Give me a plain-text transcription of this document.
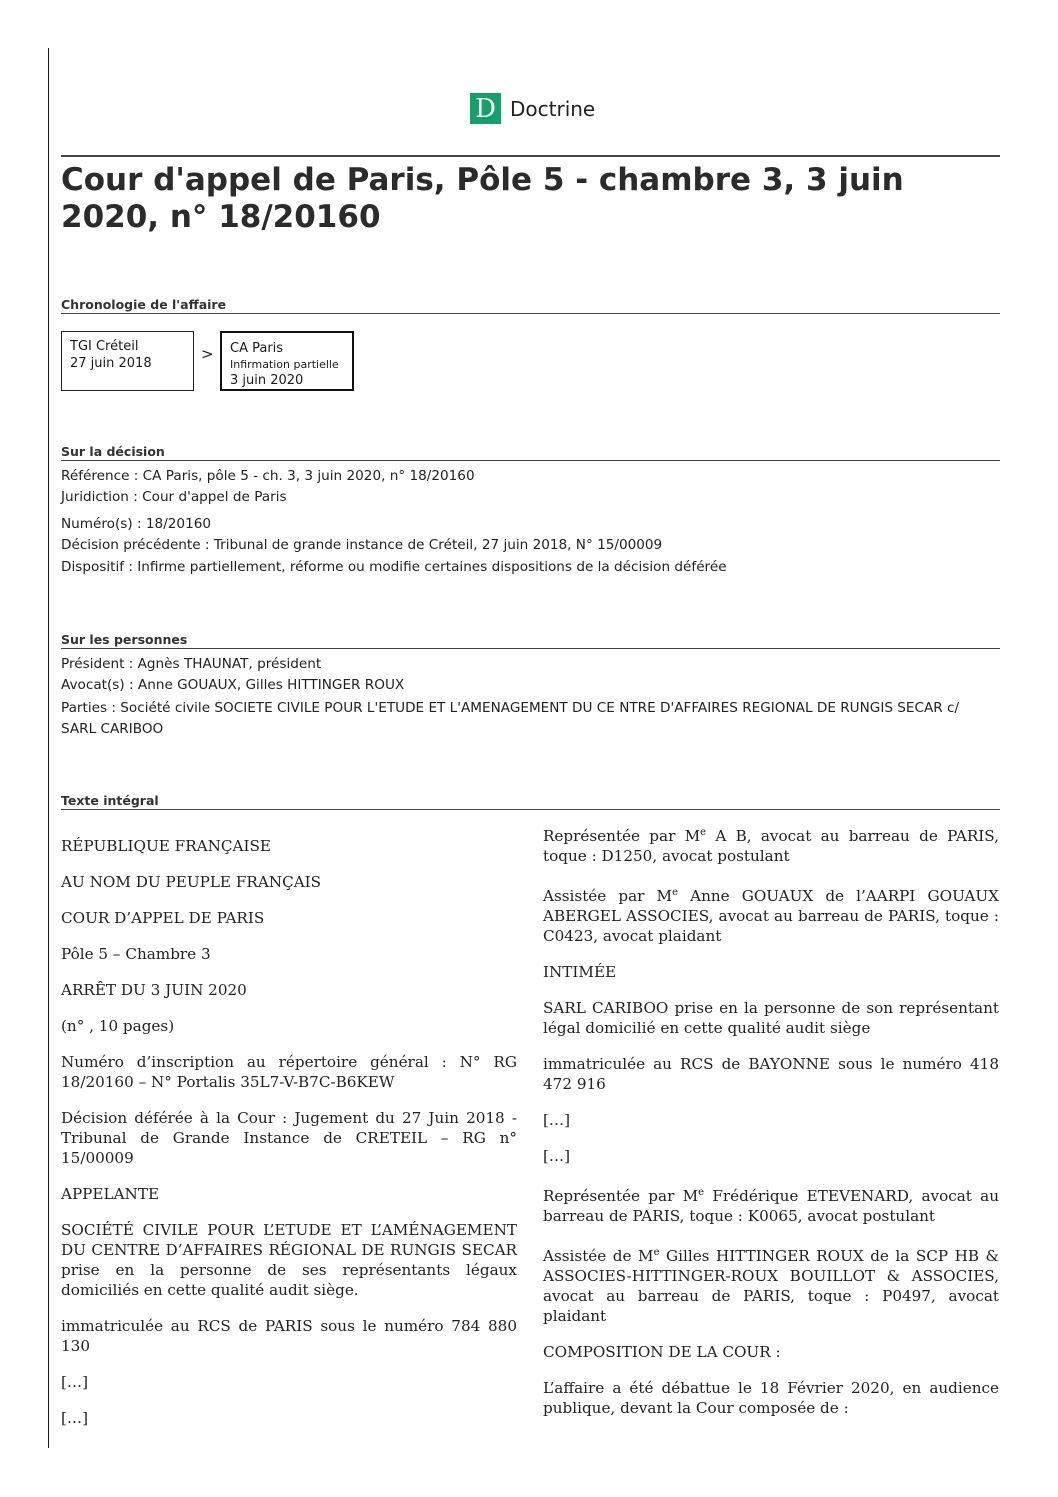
D Doctrine
Cour d'appel de Paris, Pôle 5 - chambre 3, 3 juin 2020, n° 18/20160
Chronologie de l'affaire
TGI Créteil
27 juin 2018
> CA Paris
Infirmation partielle
3 juin 2020
Sur la décision
Référence : CA Paris, pôle 5 - ch. 3, 3 juin 2020, n° 18/20160
Juridiction : Cour d'appel de Paris
Numéro(s) : 18/20160
Décision précédente : Tribunal de grande instance de Créteil, 27 juin 2018, N° 15/00009
Dispositif : Infirme partiellement, réforme ou modifie certaines dispositions de la décision déférée
Sur les personnes
Président : Agnès THAUNAT, président
Avocat(s) : Anne GOUAUX, Gilles HITTINGER ROUX
Parties : Société civile SOCIETE CIVILE POUR L'ETUDE ET L'AMENAGEMENT DU CE NTRE D'AFFAIRES REGIONAL DE RUNGIS SECAR c/ SARL CARIBOO
Texte intégral

RÉPUBLIQUE FRANÇAISE

AU NOM DU PEUPLE FRANÇAIS

COUR D’APPEL DE PARIS

Pôle 5 – Chambre 3

ARRÊT DU 3 JUIN 2020

(n° , 10 pages)

Numéro d’inscription au répertoire général : N° RG 18/20160 – N° Portalis 35L7-V-B7C-B6KEW

Décision déférée à la Cour : Jugement du 27 Juin 2018 -Tribunal de Grande Instance de CRETEIL – RG n° 15/00009

APPELANTE

SOCIÉTÉ CIVILE POUR L’ETUDE ET L’AMÉNAGEMENT DU CENTRE D’AFFAIRES RÉGIONAL DE RUNGIS SECAR prise en la personne de ses représentants légaux domiciliés en cette qualité audit siège.

immatriculée au RCS de PARIS sous le numéro 784 880 130

[…]

[…]

Représentée par Me A B, avocat au barreau de PARIS, toque : D1250, avocat postulant

Assistée par Me Anne GOUAUX de l’AARPI GOUAUX ABERGEL ASSOCIES, avocat au barreau de PARIS, toque : C0423, avocat plaidant

INTIMÉE

SARL CARIBOO prise en la personne de son représentant légal domicilié en cette qualité audit siège

immatriculée au RCS de BAYONNE sous le numéro 418 472 916

[…]

[…]

Représentée par Me Frédérique ETEVENARD, avocat au barreau de PARIS, toque : K0065, avocat postulant

Assistée de Me Gilles HITTINGER ROUX de la SCP HB & ASSOCIES-HITTINGER-ROUX BOUILLOT & ASSOCIES, avocat au barreau de PARIS, toque : P0497, avocat plaidant

COMPOSITION DE LA COUR :

L’affaire a été débattue le 18 Février 2020, en audience publique, devant la Cour composée de :
